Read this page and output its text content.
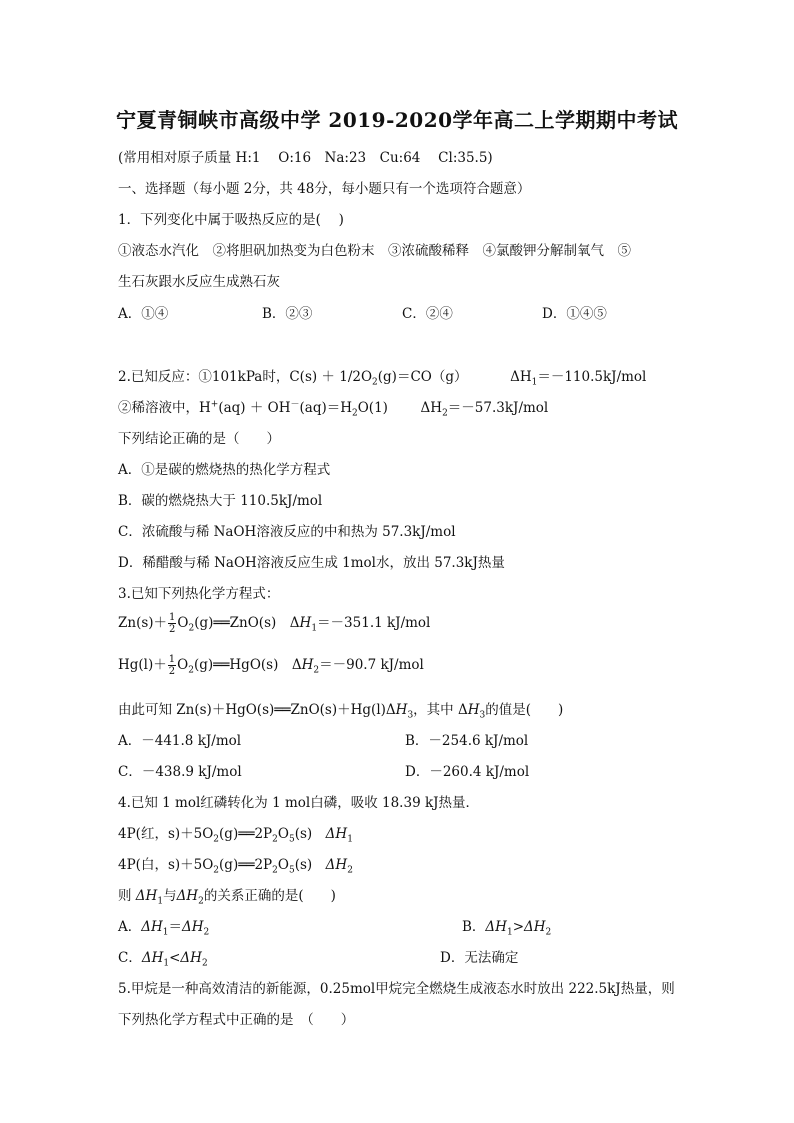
宁夏青铜峡市高级中学 2019-2020学年高二上学期期中考试
(常用相对原子质量 H:1　 O:16　Na:23　Cu:64　 Cl:35.5)
一、选择题（每小题 2分，共 48分，每小题只有一个选项符合题意）
1．下列变化中属于吸热反应的是(　 )
①液态水汽化　②将胆矾加热变为白色粉末　③浓硫酸稀释　④氯酸钾分解制氧气　⑤
生石灰跟水反应生成熟石灰
A．①④	B．②③	C．②④	D．①④⑤
2.已知反应：①101kPa时，$C(s) + 1/2O_2(g)=CO(g)$	$\Delta H_1=-110.5kJ$/mol
②稀溶液中，$H^+(aq) + OH^-(aq)=H_2O(1)$ $\Delta H_2=-57.3kJ$/mol
下列结论正确的是（　　）
A．①是碳的燃烧热的热化学方程式
B．碳的燃烧热大于 110.5kJ/mol
C．浓硫酸与稀 NaOH溶液反应的中和热为 57.3kJ/mol
D．稀醋酸与稀 NaOH溶液反应生成 1mol水，放出 57.3kJ热量
3.已知下列热化学方程式：
$Zn(s)+ \frac{1}{2}$ $O_2(g)══ZnO(s)$　$\Delta H_1=-351.1$ kJ/mol
$Hg(l)+ \frac{1}{2}$ $O_2(g)══HgO(s)$　$\Delta H_2=-90.7$ kJ/mol
由此可知 $Zn(s)+HgO(s)══ZnO(s)+Hg(l)\Delta H_3$，其中 $\Delta H_3$的值是(　　)
A．－441.8 kJ/mol	B．－254.6 kJ/mol
C．－438.9 kJ/mol	D．－260.4 kJ/mol
4.已知 1 mol红磷转化为 1 mol白磷，吸收 18.39 kJ热量．
4P(红，$s)+5O_2(g)══2P_2O_5(s)$　$\Delta H_1$
4P(白，$s)+5O_2(g)══2P_2O_5(s)$　$\Delta H_2$
则 $\Delta H_1$与$\Delta H_2$的关系正确的是(　　)
A．$\Delta H_1=\Delta H_2$	B．$\Delta H_1>\Delta H_2$
C．$\Delta H_1<\Delta H_2$	D．无法确定
5.甲烷是一种高效清洁的新能源，0.25mol甲烷完全燃烧生成液态水时放出 222.5kJ热量，则
下列热化学方程式中正确的是　（　　）
